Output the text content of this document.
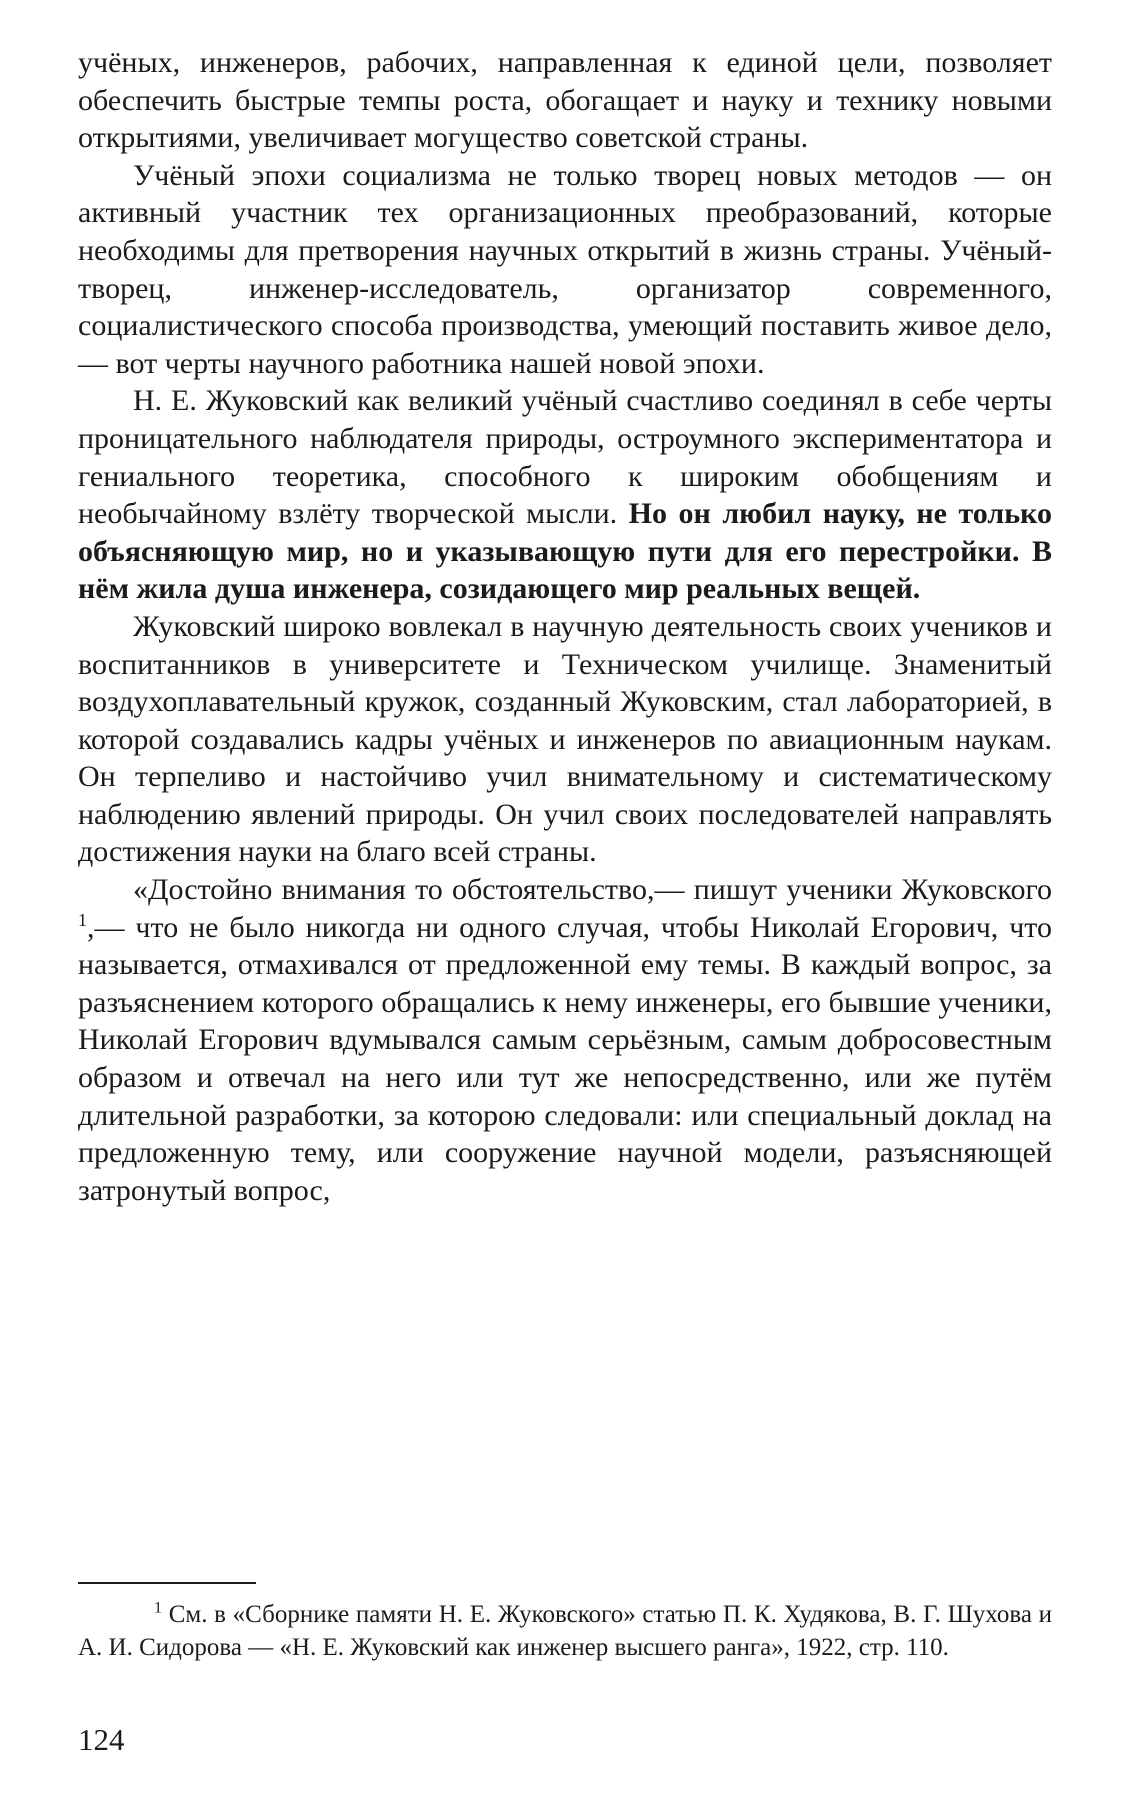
учёных, инженеров, рабочих, направленная к единой цели, позволяет обеспечить быстрые темпы роста, обогащает и науку и технику новыми открытиями, увеличивает могущество советской страны.

Учёный эпохи социализма не только творец новых методов — он активный участник тех организационных преобразований, которые необходимы для претворения научных открытий в жизнь страны. Учёный-творец, инженер-исследователь, организатор современного, социалистического способа производства, умеющий поставить живое дело,— вот черты научного работника нашей новой эпохи.

Н. Е. Жуковский как великий учёный счастливо соединял в себе черты проницательного наблюдателя природы, остроумного экспериментатора и гениального теоретика, способного к широким обобщениям и необычайному взлёту творческой мысли. Но он любил науку, не только объясняющую мир, но и указывающую пути для его перестройки. В нём жила душа инженера, созидающего мир реальных вещей.

Жуковский широко вовлекал в научную деятельность своих учеников и воспитанников в университете и Техническом училище. Знаменитый воздухоплавательный кружок, созданный Жуковским, стал лабораторией, в которой создавались кадры учёных и инженеров по авиационным наукам. Он терпеливо и настойчиво учил внимательному и систематическому наблюдению явлений природы. Он учил своих последователей направлять достижения науки на благо всей страны.

«Достойно внимания то обстоятельство,— пишут ученики Жуковского $^1$,— что не было никогда ни одного случая, чтобы Николай Егорович, что называется, отмахивался от предложенной ему темы. В каждый вопрос, за разъяснением которого обращались к нему инженеры, его бывшие ученики, Николай Егорович вдумывался самым серьёзным, самым добросовестным образом и отвечал на него или тут же непосредственно, или же путём длительной разработки, за которою следовали: или специальный доклад на предложенную тему, или сооружение научной модели, разъясняющей затронутый вопрос,

$^1$ См. в «Сборнике памяти Н. Е. Жуковского» статью П. К. Худякова, В. Г. Шухова и А. И. Сидорова — «Н. Е. Жуковский как инженер высшего ранга», 1922, стр. 110.

124
